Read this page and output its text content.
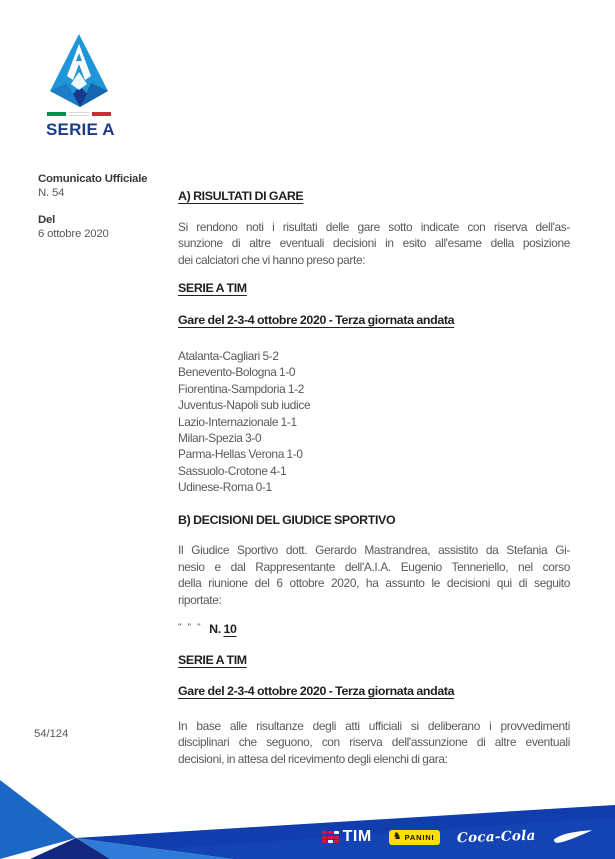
SERIE A
Comunicato Ufficiale
N. 54
Del
6 ottobre 2020
54/124
A) RISULTATI DI GARE
Si rendono noti i risultati delle gare sotto indicate con riserva dell'as-
sunzione di altre eventuali decisioni in esito all'esame della posizione
dei calciatori che vi hanno preso parte:
SERIE A TIM
Gare del 2-3-4 ottobre 2020 - Terza giornata andata
Atalanta-Cagliari 5-2
Benevento-Bologna 1-0
Fiorentina-Sampdoria 1-2
Juventus-Napoli sub iudice
Lazio-Internazionale 1-1
Milan-Spezia 3-0
Parma-Hellas Verona 1-0
Sassuolo-Crotone 4-1
Udinese-Roma 0-1
B) DECISIONI DEL GIUDICE SPORTIVO
Il Giudice Sportivo dott. Gerardo Mastrandrea, assistito da Stefania Gi-
nesio e dal Rappresentante dell'A.I.A. Eugenio Tenneriello, nel corso
della riunione del 6 ottobre 2020, ha assunto le decisioni qui di seguito
riportate:
" " " N. 10
SERIE A TIM
Gare del 2-3-4 ottobre 2020 - Terza giornata andata
In base alle risultanze degli atti ufficiali si deliberano i provvedimenti
disciplinari che seguono, con riserva dell'assunzione di altre eventuali
decisioni, in attesa del ricevimento degli elenchi di gara:
TIM ♞ PANINI Coca-Cola
